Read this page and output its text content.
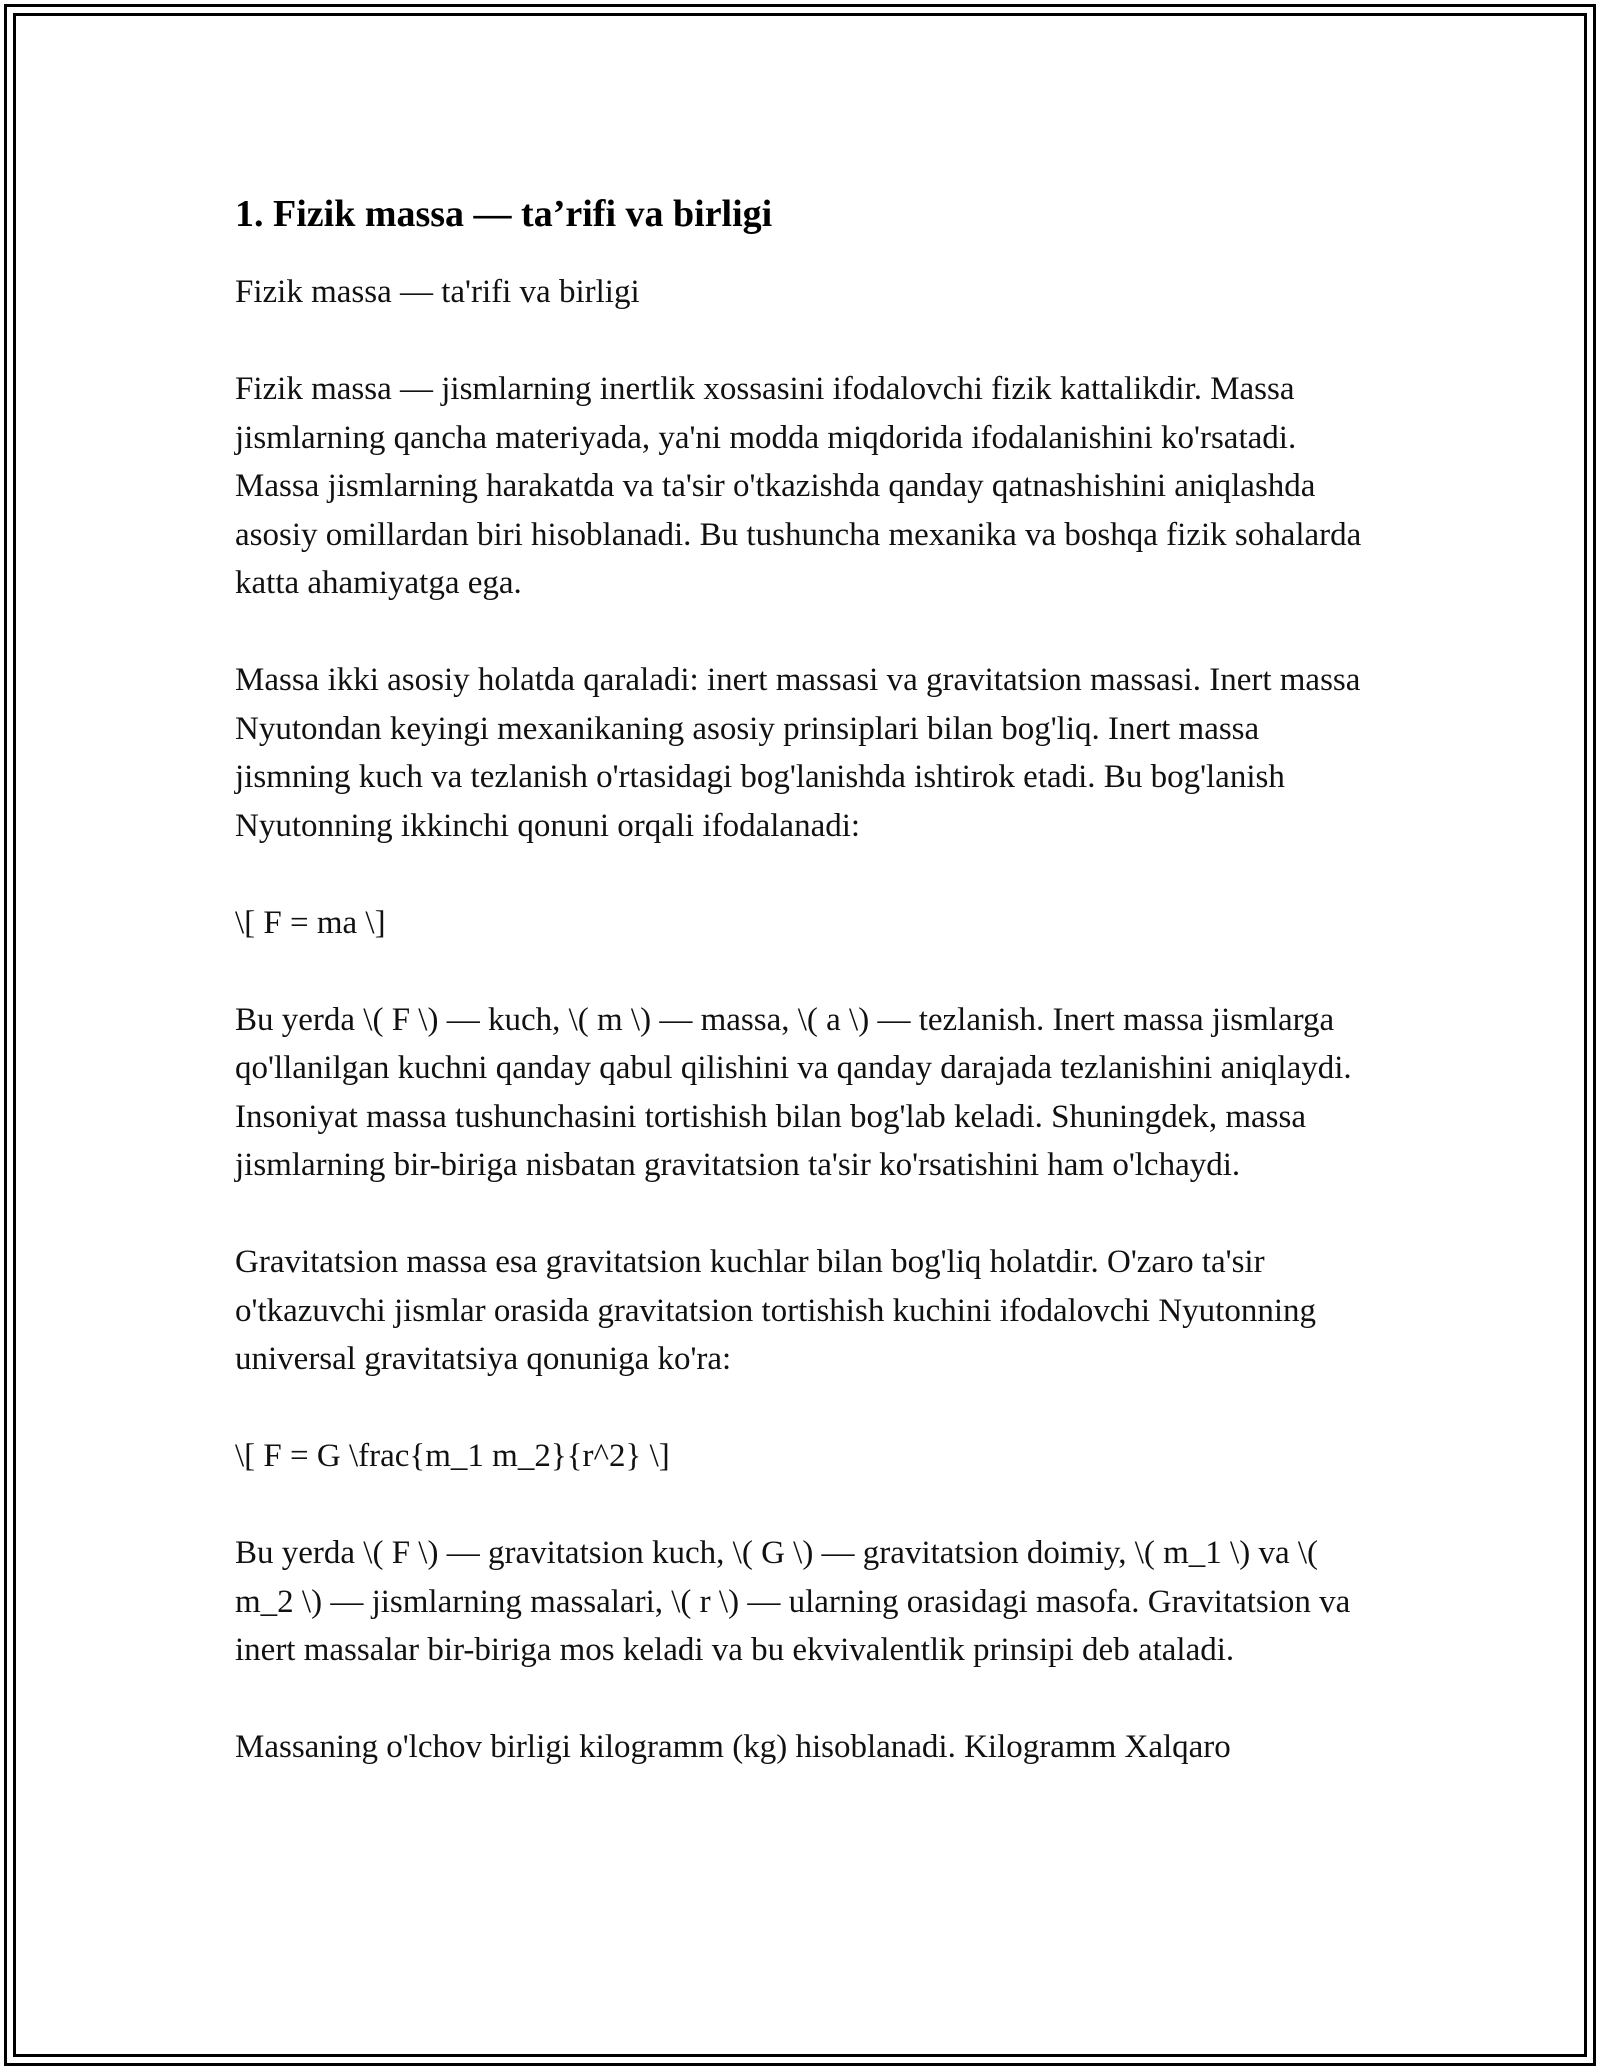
1. Fizik massa — ta’rifi va birligi

Fizik massa — ta'rifi va birligi

Fizik massa — jismlarning inertlik xossasini ifodalovchi fizik kattalikdir. Massa jismlarning qancha materiyada, ya'ni modda miqdorida ifodalanishini ko'rsatadi. Massa jismlarning harakatda va ta'sir o'tkazishda qanday qatnashishini aniqlashda asosiy omillardan biri hisoblanadi. Bu tushuncha mexanika va boshqa fizik sohalarda katta ahamiyatga ega.

Massa ikki asosiy holatda qaraladi: inert massasi va gravitatsion massasi. Inert massa Nyutondan keyingi mexanikaning asosiy prinsiplari bilan bog'liq. Inert massa jismning kuch va tezlanish o'rtasidagi bog'lanishda ishtirok etadi. Bu bog'lanish Nyutonning ikkinchi qonuni orqali ifodalanadi:

\[ F = ma \]

Bu yerda \( F \) — kuch, \( m \) — massa, \( a \) — tezlanish. Inert massa jismlarga qo'llanilgan kuchni qanday qabul qilishini va qanday darajada tezlanishini aniqlaydi. Insoniyat massa tushunchasini tortishish bilan bog'lab keladi. Shuningdek, massa jismlarning bir-biriga nisbatan gravitatsion ta'sir ko'rsatishini ham o'lchaydi.

Gravitatsion massa esa gravitatsion kuchlar bilan bog'liq holatdir. O'zaro ta'sir o'tkazuvchi jismlar orasida gravitatsion tortishish kuchini ifodalovchi Nyutonning universal gravitatsiya qonuniga ko'ra:

\[ F = G \frac{m_1 m_2}{r^2} \]

Bu yerda \( F \) — gravitatsion kuch, \( G \) — gravitatsion doimiy, \( m_1 \) va \( m_2 \) — jismlarning massalari, \( r \) — ularning orasidagi masofa. Gravitatsion va inert massalar bir-biriga mos keladi va bu ekvivalentlik prinsipi deb ataladi.

Massaning o'lchov birligi kilogramm (kg) hisoblanadi. Kilogramm Xalqaro
